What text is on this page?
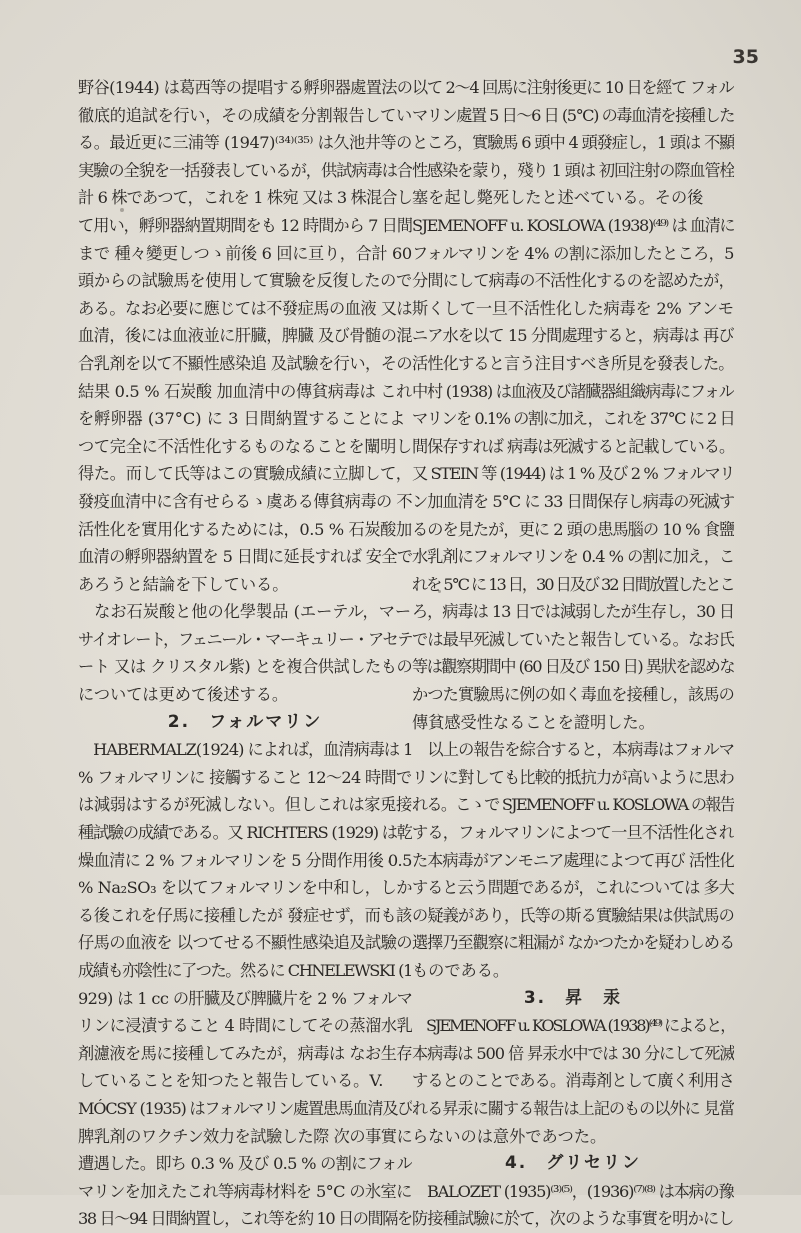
35

野谷(1944) は葛西等の提唱する孵卵器處置法の
徹底的追試を行い，その成績を分割報告してい
る。最近更に三浦等 (1947)⁽³⁴⁾⁽³⁵⁾ は久池井等の
実驗の全貌を一括發表しているが，供試病毒は合
計 6 株であつて，これを 1 株宛 又は 3 株混合し
て用い，孵卵器納置期間をも 12 時間から 7 日間
まで 種々變更しつゝ前後 6 回に亘り，合計 60
頭からの試驗馬を使用して實驗を反復したので
ある。なお必要に應じては不發症馬の血液 又は
血清，後には血液並に肝臓，脾臓 及び骨髄の混
合乳剤を以て不顯性感染追 及試驗を行い，その
結果 0.5 % 石炭酸 加血清中の傳貧病毒は これ
を孵卵器 (37°C) に 3 日間納置することによ
つて完全に不活性化するものなることを闡明し
得た。而して氏等はこの實驗成績に立脚して，
發疫血清中に含有せらるゝ虞ある傳貧病毒の 不
活性化を實用化するためには，0.5 % 石炭酸加
血清の孵卵器納置を 5 日間に延長すれば 安全で
あろうと結論を下している。
　なお石炭酸と他の化學製品 (エーテル，マー
サイオレート，フェニール・マーキュリー・アセテ
ート 又は クリスタル紫) とを複合供試したもの
については更めて後述する。
2.　フォルマリン
　HABERMALZ(1924) によれば，血清病毒は 1
% フォルマリンに 接觸すること 12〜24 時間で
は減弱はするが死滅しない。但しこれは家兎接
種試驗の成績である。又 RICHTERS (1929) は乾
燥血清に 2 % フォルマリンを 5 分間作用後 0.5
% Na₂SO₃ を以てフォルマリンを中和し，しか
る後これを仔馬に接種したが 發症せず，而も該
仔馬の血液を 以つてせる不顯性感染追及試驗の
成績も亦陰性に了つた。然るに CHNELEWSKI (1
929) は 1 cc の肝臓及び脾臓片を 2 % フォルマ
リンに浸漬すること 4 時間にしてその蒸溜水乳
剤濾液を馬に接種してみたが，病毒は なお生存
していることを知つたと報告している。V.
MÓCSY (1935) はフォルマリン處置患馬血清及び
脾乳剤のワクチン效力を試驗した際 次の事實に
遭遇した。即ち 0.3 % 及び 0.5 % の割にフォル
マリンを加えたこれ等病毒材料を 5°C の氷室に
38 日〜94 日間納置し，これ等を約 10 日の間隔を

以て 2〜4 回馬に注射後更に 10 日を經て フォル
マリン處置 5 日〜6 日 (5°C) の毒血清を接種した
ところ，實驗馬 6 頭中 4 頭發症し，1 頭は 不顯
性感染を蒙り，殘り 1 頭は 初回注射の際血管栓
塞を起し斃死したと述べている。その後
SJEMENOFF u. KOSLOWA (1938)⁽⁴⁹⁾ は 血清に
フォルマリンを 4% の割に添加したところ，5
分間にして病毒の不活性化するのを認めたが，
斯くして一旦不活性化した病毒を 2% アンモ
ニア水を以て 15 分間處理すると，病毒は 再び
活性化すると言う注目すべき所見を發表した。
中村 (1938) は血液及び諸臓器組織病毒にフォル
マリンを 0.1% の割に加え，これを 37°C に 2 日
間保存すれば 病毒は死滅すると記載している。
又 STEIN 等 (1944) は 1 % 及び 2 % フォルマリ
ン加血清を 5°C に 33 日間保存し病毒の死滅す
るのを見たが，更に 2 頭の患馬腦の 10 % 食鹽
水乳剤にフォルマリンを 0.4 % の割に加え，こ
れを 5°C に 13 日，30 日及び 32 日間放置したとこ
ろ，病毒は 13 日では減弱したが生存し，30 日
では最早死滅していたと報告している。なお氏
等は觀察期間中 (60 日及び 150 日) 異狀を認めな
かつた實驗馬に例の如く毒血を接種し，該馬の
傳貧感受性なることを證明した。
　以上の報告を綜合すると，本病毒はフォルマ
リンに對しても比較的抵抗力が高いように思わ
れる。こゝで SJEMENOFF u. KOSLOWA の報告
する，フォルマリンによつて一旦不活性化され
た本病毒がアンモニア處理によつて再び 活性化
すると云う問題であるが，これについては 多大
の疑義があり，氏等の斯る實驗結果は供試馬の
選擇乃至觀察に粗漏が なかつたかを疑わしめる
ものである。
3.　昇　汞
　SJEMENOFF u. KOSLOWA (1938)⁽⁴⁹⁾ によると，
本病毒は 500 倍 昇汞水中では 30 分にして死滅
するとのことである。消毒剤として廣く利用さ
れる昇汞に關する報告は上記のもの以外に 見當
らないのは意外であつた。
4.　グリセリン
　BALOZET (1935)⁽³⁾⁽⁵⁾，(1936)⁽⁷⁾⁽⁸⁾ は本病の豫
防接種試驗に於て，次のような事實を明かにし
